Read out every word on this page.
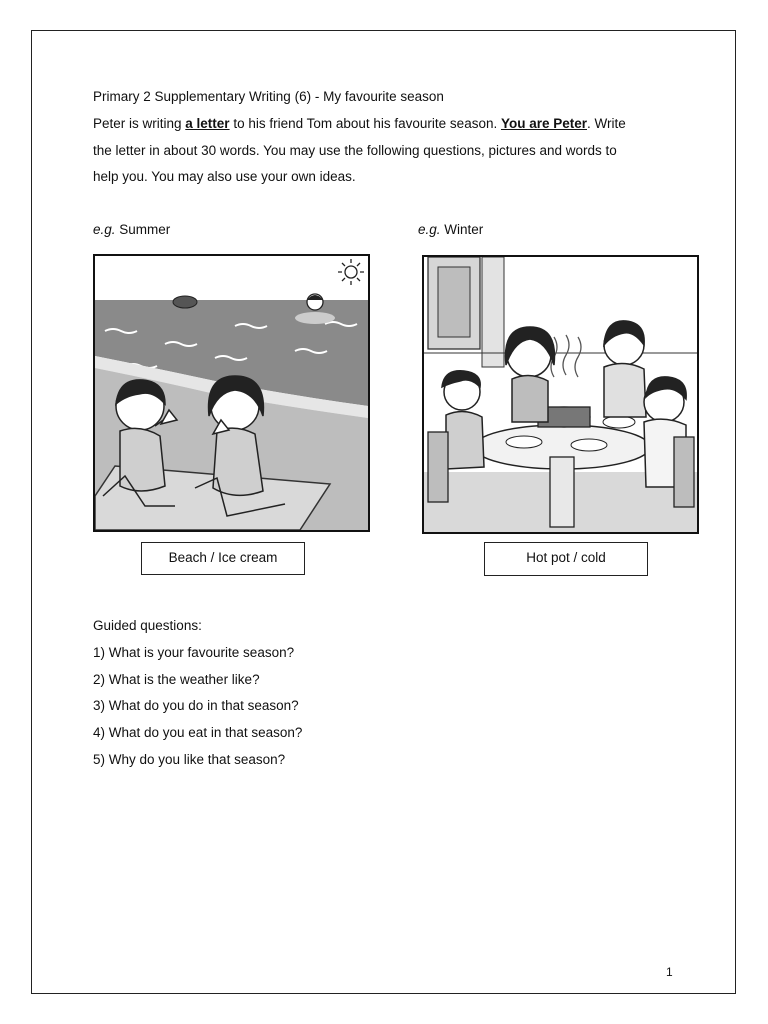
Primary 2 Supplementary Writing (6) - My favourite season
Peter is writing a letter to his friend Tom about his favourite season. You are Peter. Write
the letter in about 30 words. You may use the following questions, pictures and words to
help you. You may also use your own ideas.
e.g. Summer	e.g. Winter
Beach / Ice cream	Hot pot / cold
Guided questions:
1) What is your favourite season?
2) What is the weather like?
3) What do you do in that season?
4) What do you eat in that season?
5) Why do you like that season?
1
